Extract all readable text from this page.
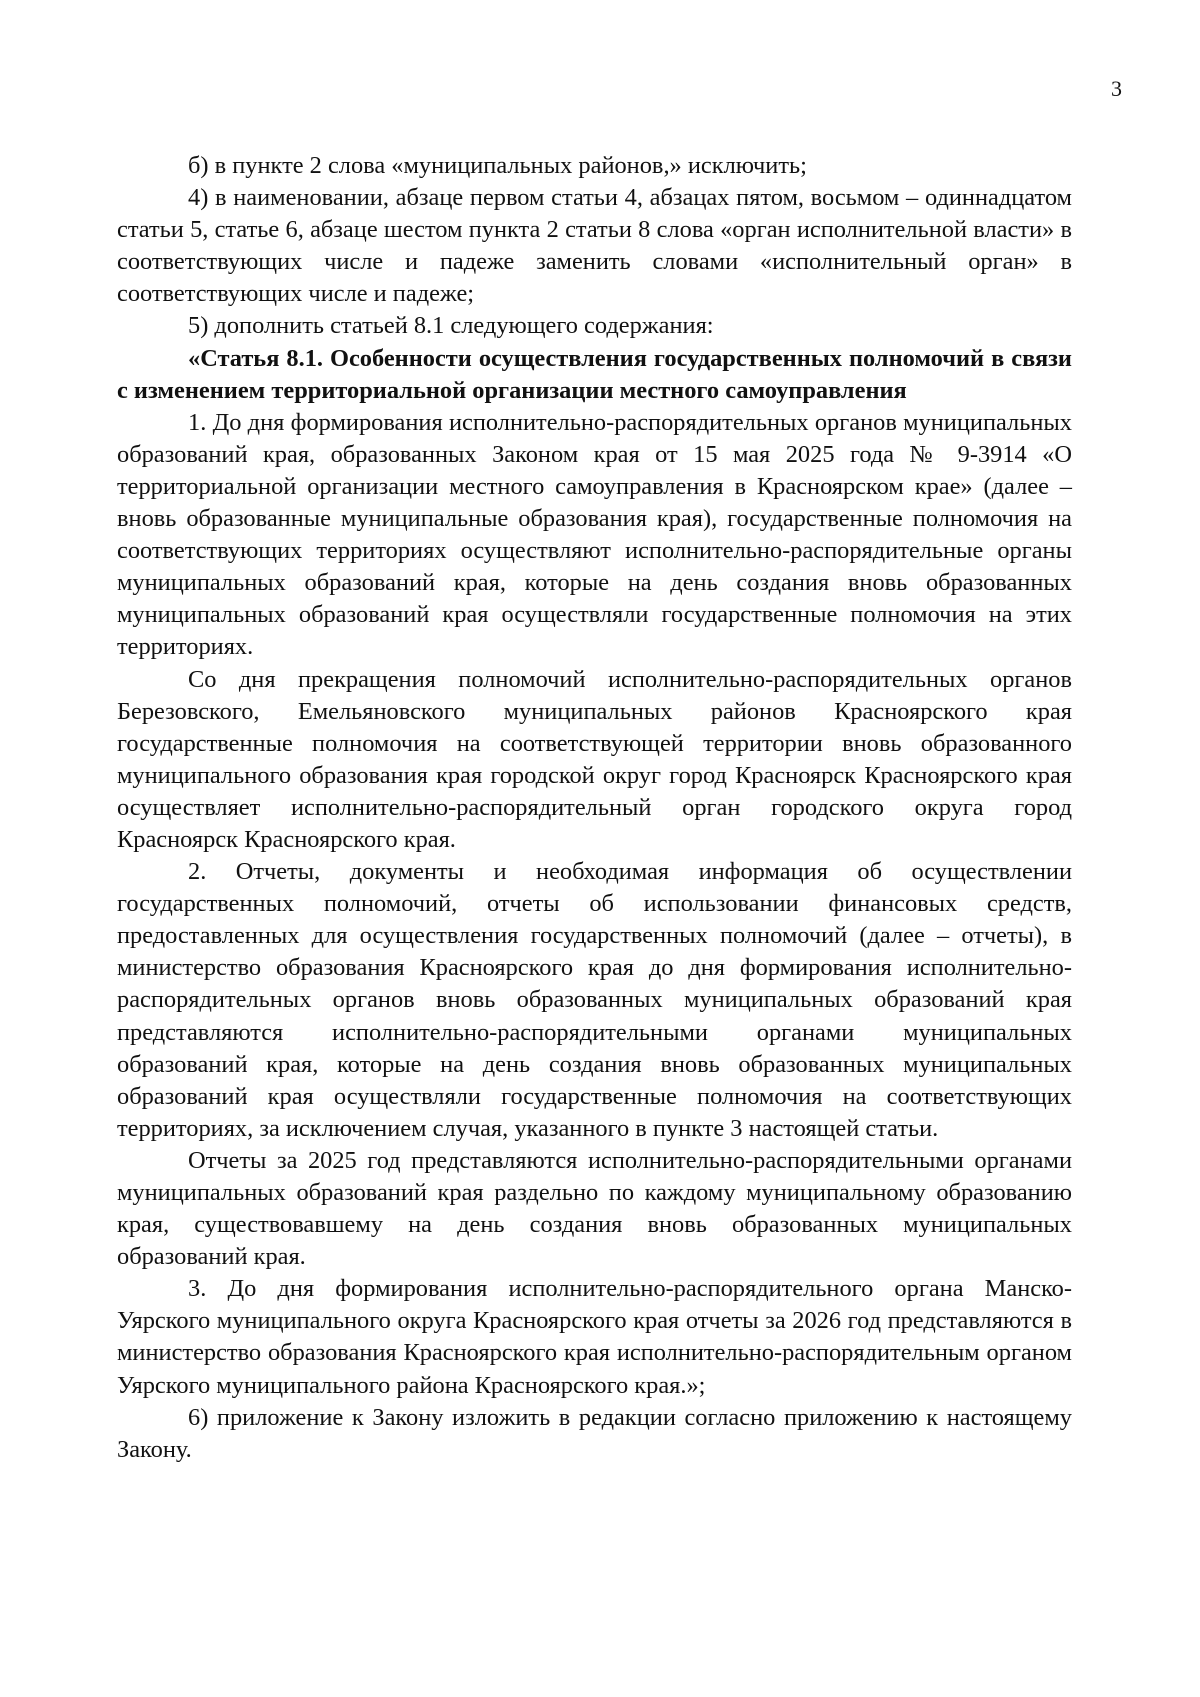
3

б) в пункте 2 слова «муниципальных районов,» исключить;

4) в наименовании, абзаце первом статьи 4, абзацах пятом, восьмом – одиннадцатом статьи 5, статье 6, абзаце шестом пункта 2 статьи 8 слова «орган исполнительной власти» в соответствующих числе и падеже заменить словами «исполнительный орган» в соответствующих числе и падеже;

5) дополнить статьей 8.1 следующего содержания:

«Статья 8.1. Особенности осуществления государственных полномочий в связи с изменением территориальной организации местного самоуправления

1. До дня формирования исполнительно-распорядительных органов муниципальных образований края, образованных Законом края от 15 мая 2025 года № 9-3914 «О территориальной организации местного самоуправления в Красноярском крае» (далее – вновь образованные муниципальные образования края), государственные полномочия на соответствующих территориях осуществляют исполнительно-распорядительные органы муниципальных образований края, которые на день создания вновь образованных муниципальных образований края осуществляли государственные полномочия на этих территориях.

Со дня прекращения полномочий исполнительно-распорядительных органов Березовского, Емельяновского муниципальных районов Красноярского края государственные полномочия на соответствующей территории вновь образованного муниципального образования края городской округ город Красноярск Красноярского края осуществляет исполнительно-распорядительный орган городского округа город Красноярск Красноярского края.

2. Отчеты, документы и необходимая информация об осуществлении государственных полномочий, отчеты об использовании финансовых средств, предоставленных для осуществления государственных полномочий (далее – отчеты), в министерство образования Красноярского края до дня формирования исполнительно-распорядительных органов вновь образованных муниципальных образований края представляются исполнительно-распорядительными органами муниципальных образований края, которые на день создания вновь образованных муниципальных образований края осуществляли государственные полномочия на соответствующих территориях, за исключением случая, указанного в пункте 3 настоящей статьи.

Отчеты за 2025 год представляются исполнительно-распорядительными органами муниципальных образований края раздельно по каждому муниципальному образованию края, существовавшему на день создания вновь образованных муниципальных образований края.

3. До дня формирования исполнительно-распорядительного органа Манско-Уярского муниципального округа Красноярского края отчеты за 2026 год представляются в министерство образования Красноярского края исполнительно-распорядительным органом Уярского муниципального района Красноярского края.»;

6) приложение к Закону изложить в редакции согласно приложению к настоящему Закону.
